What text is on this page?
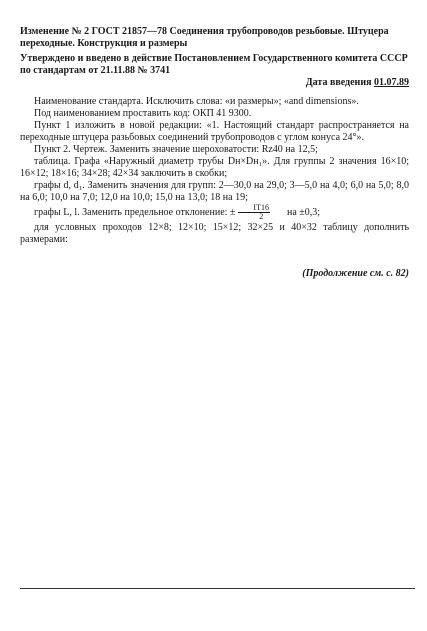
Изменение № 2 ГОСТ 21857—78 Соединения трубопроводов резьбовые. Штуцера переходные. Конструкция и размеры
Утверждено и введено в действие Постановлением Государственного комитета СССР по стандартам от 21.11.88 № 3741
Дата введения 01.07.89

Наименование стандарта. Исключить слова: «и размеры»; «and dimensions».

Под наименованием проставить код: ОКП 41 9300.

Пункт 1 изложить в новой редакции: «1. Настоящий стандарт распространяется на переходные штуцера разьбовых соединений трубопроводов с углом конуса 24°».

Пункт 2. Чертеж. Заменить значение шероховатости: Rz40 на 12,5;

таблица. Графа «Наружный диаметр трубы Dн×Dн₁». Для группы 2 значения 16×10; 16×12; 18×16; 34×28; 42×34 заключить в скобки;

графы d, d₁. Заменить значения для групп: 2—30,0 на 29,0; 3—5,0 на 4,0; 6,0 на 5,0; 8,0 на 6,0; 10,0 на 7,0; 12,0 на 10,0; 15,0 на 13,0; 18 на 19;

графы L, l. Заменить предельное отклонение: ± $\frac{IT16}{2}$	на ±0,3;

для условных проходов 12×8; 12×10; 15×12; 32×25 и 40×32 таблицу дополнить размерами:

(Продолжение см. с. 82)
